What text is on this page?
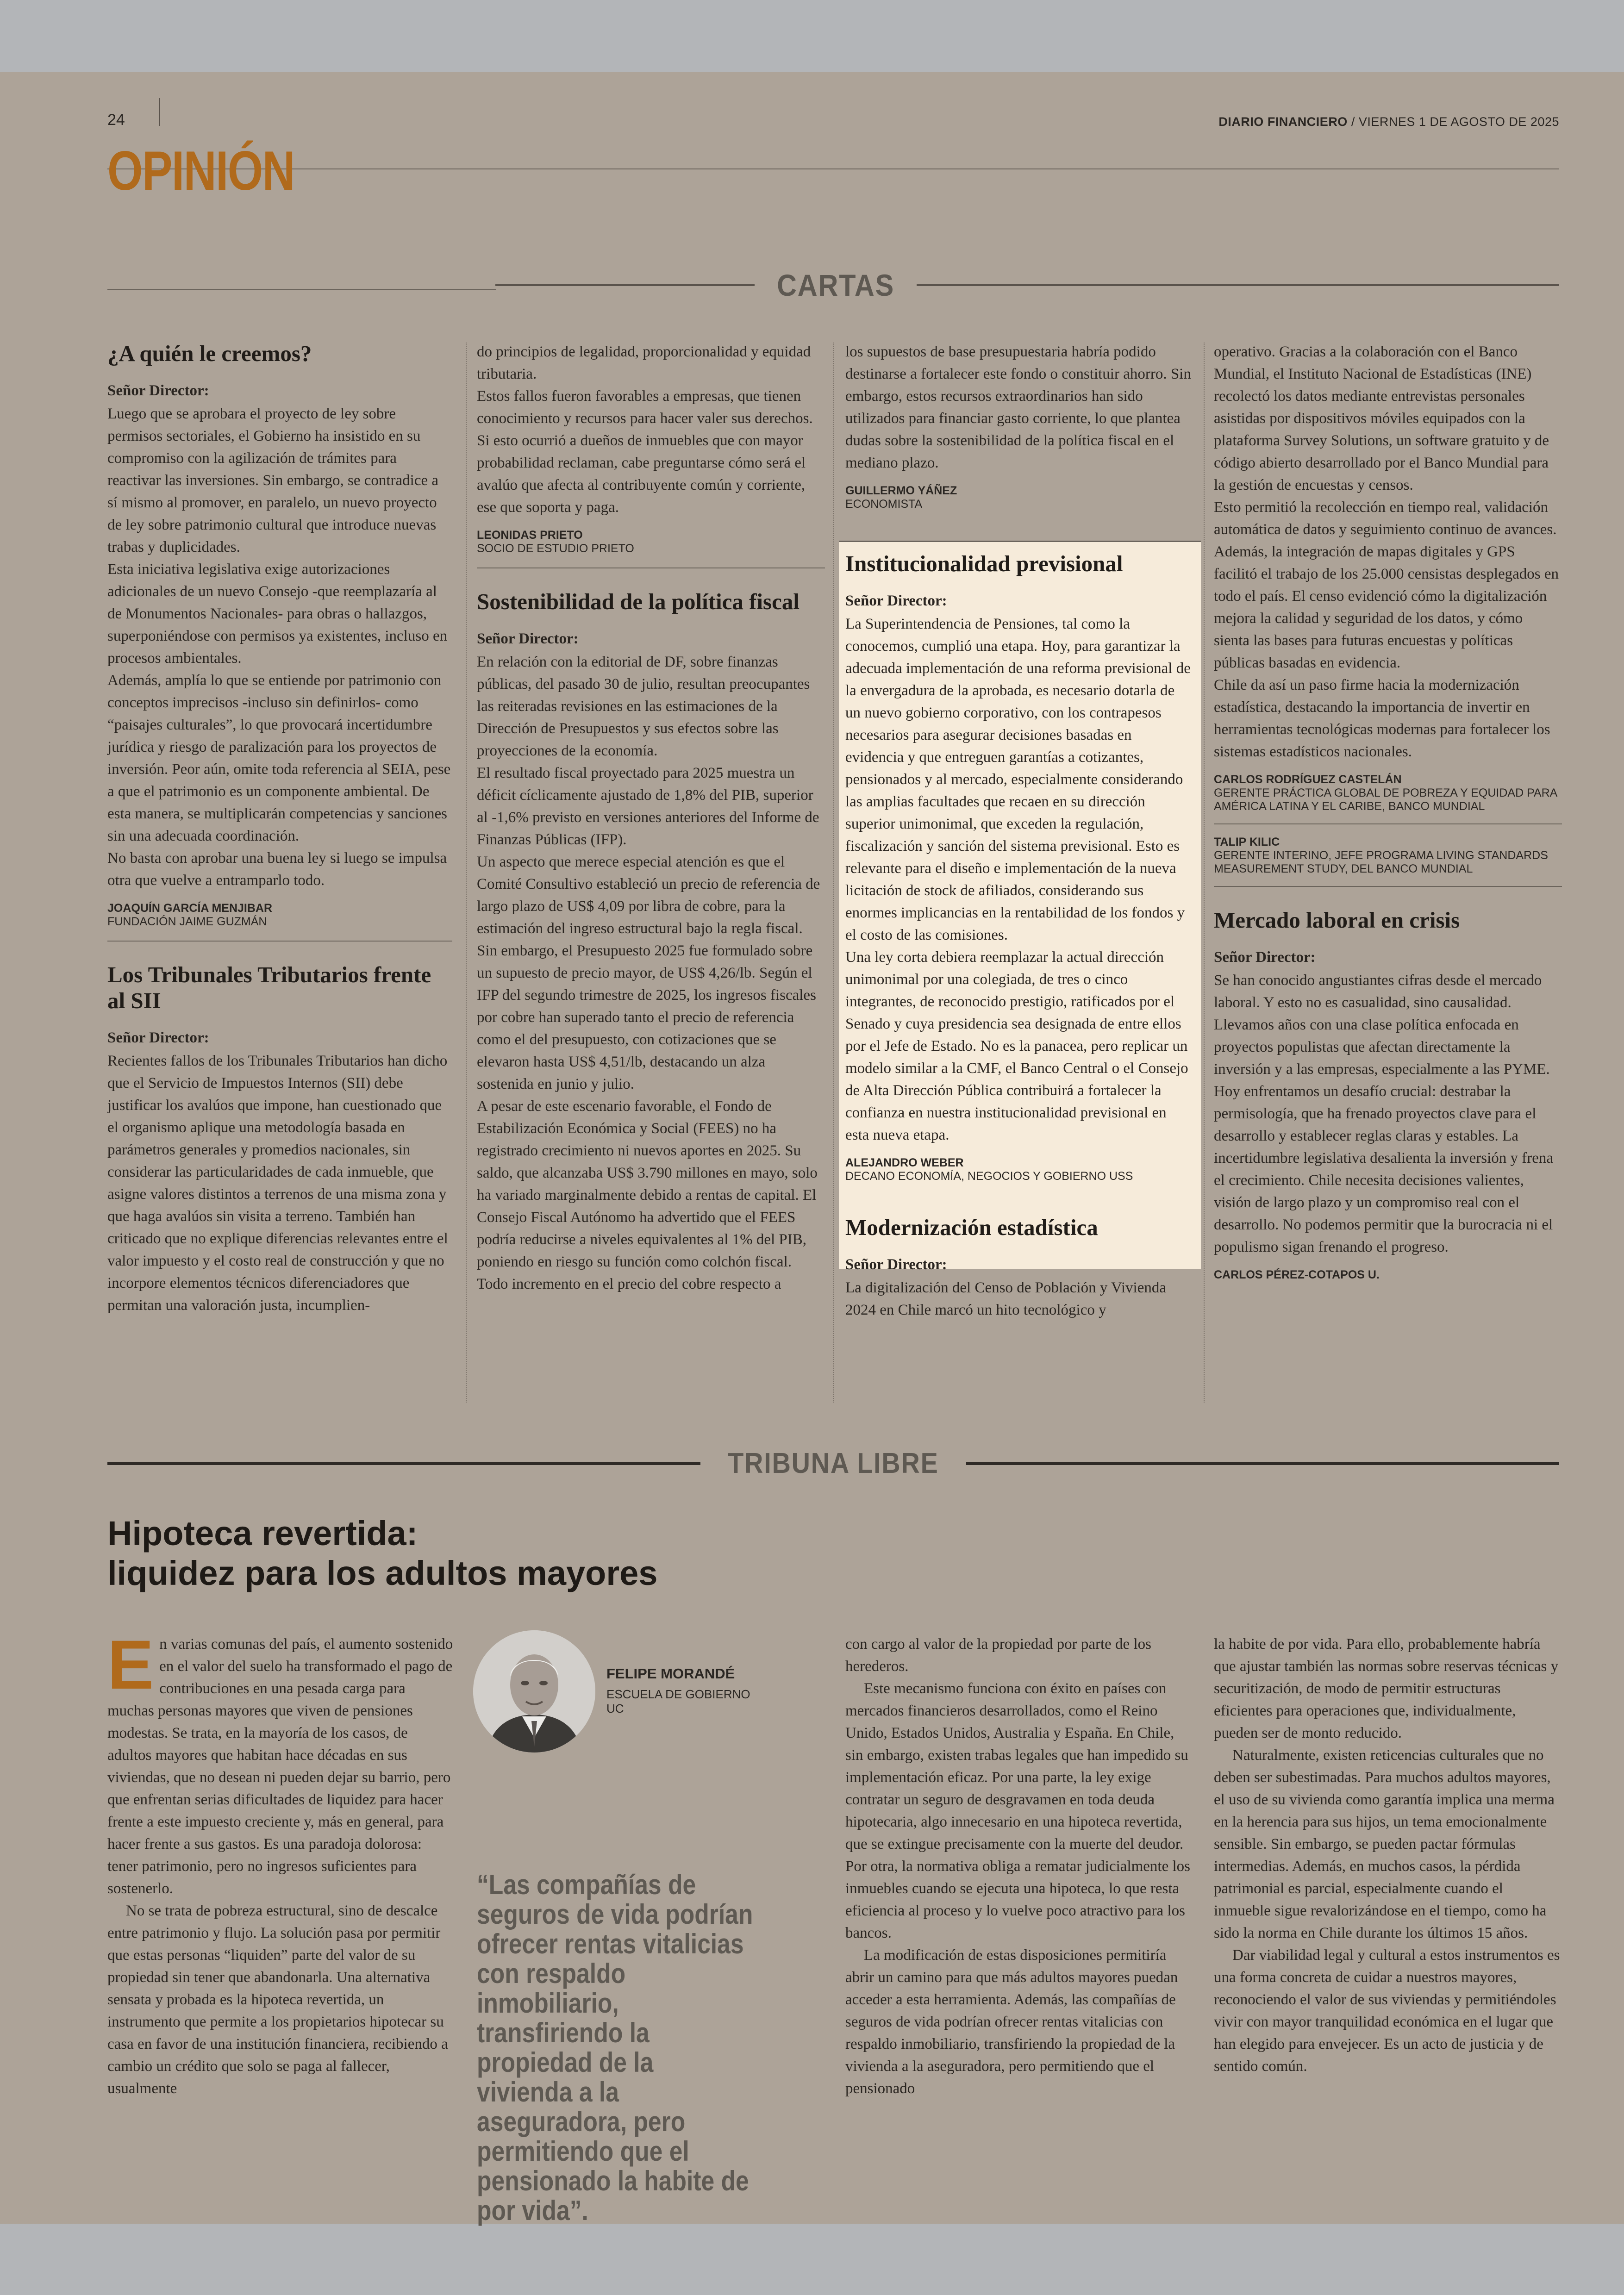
24	DIARIO FINANCIERO / VIERNES 1 DE AGOSTO DE 2025
OPINIÓN
CARTAS
¿A quién le creemos?

Señor Director:

Luego que se aprobara el proyecto de ley sobre permisos sectoriales, el Gobierno ha insistido en su compromiso con la agilización de trámites para reactivar las inversiones. Sin embargo, se contradice a sí mismo al promover, en paralelo, un nuevo proyecto de ley sobre patrimonio cultural que introduce nuevas trabas y duplicidades.

Esta iniciativa legislativa exige autorizaciones adicionales de un nuevo Consejo -que reemplazaría al de Monumentos Nacionales- para obras o hallazgos, superponiéndose con permisos ya existentes, incluso en procesos ambientales.

Además, amplía lo que se entiende por patrimonio con conceptos imprecisos -incluso sin definirlos- como “paisajes culturales”, lo que provocará incertidumbre jurídica y riesgo de paralización para los proyectos de inversión. Peor aún, omite toda referencia al SEIA, pese a que el patrimonio es un componente ambiental. De esta manera, se multiplicarán competencias y sanciones sin una adecuada coordinación.

No basta con aprobar una buena ley si luego se impulsa otra que vuelve a entramparlo todo.

JOAQUÍN GARCÍA MENJIBAR
FUNDACIÓN JAIME GUZMÁN
Los Tribunales Tributarios frente al SII

Señor Director:

Recientes fallos de los Tribunales Tributarios han dicho que el Servicio de Impuestos Internos (SII) debe justificar los avalúos que impone, han cuestionado que el organismo aplique una metodología basada en parámetros generales y promedios nacionales, sin considerar las particularidades de cada inmueble, que asigne valores distintos a terrenos de una misma zona y que haga avalúos sin visita a terreno. También han criticado que no explique diferencias relevantes entre el valor impuesto y el costo real de construcción y que no incorpore elementos técnicos diferenciadores que permitan una valoración justa, incumplien-

do principios de legalidad, proporcionalidad y equidad tributaria.

Estos fallos fueron favorables a empresas, que tienen conocimiento y recursos para hacer valer sus derechos. Si esto ocurrió a dueños de inmuebles que con mayor probabilidad reclaman, cabe preguntarse cómo será el avalúo que afecta al contribuyente común y corriente, ese que soporta y paga.

LEONIDAS PRIETO
SOCIO DE ESTUDIO PRIETO
Sostenibilidad de la política fiscal

Señor Director:

En relación con la editorial de DF, sobre finanzas públicas, del pasado 30 de julio, resultan preocupantes las reiteradas revisiones en las estimaciones de la Dirección de Presupuestos y sus efectos sobre las proyecciones de la economía.

El resultado fiscal proyectado para 2025 muestra un déficit cíclicamente ajustado de 1,8% del PIB, superior al -1,6% previsto en versiones anteriores del Informe de Finanzas Públicas (IFP).

Un aspecto que merece especial atención es que el Comité Consultivo estableció un precio de referencia de largo plazo de US$ 4,09 por libra de cobre, para la estimación del ingreso estructural bajo la regla fiscal. Sin embargo, el Presupuesto 2025 fue formulado sobre un supuesto de precio mayor, de US$ 4,26/lb. Según el IFP del segundo trimestre de 2025, los ingresos fiscales por cobre han superado tanto el precio de referencia como el del presupuesto, con cotizaciones que se elevaron hasta US$ 4,51/lb, destacando un alza sostenida en junio y julio.

A pesar de este escenario favorable, el Fondo de Estabilización Económica y Social (FEES) no ha registrado crecimiento ni nuevos aportes en 2025. Su saldo, que alcanzaba US$ 3.790 millones en mayo, solo ha variado marginalmente debido a rentas de capital. El Consejo Fiscal Autónomo ha advertido que el FEES podría reducirse a niveles equivalentes al 1% del PIB, poniendo en riesgo su función como colchón fiscal.

Todo incremento en el precio del cobre respecto a

los supuestos de base presupuestaria habría podido destinarse a fortalecer este fondo o constituir ahorro. Sin embargo, estos recursos extraordinarios han sido utilizados para financiar gasto corriente, lo que plantea dudas sobre la sostenibilidad de la política fiscal en el mediano plazo.

GUILLERMO YÁÑEZ
ECONOMISTA
Institucionalidad previsional

Señor Director:

La Superintendencia de Pensiones, tal como la conocemos, cumplió una etapa. Hoy, para garantizar la adecuada implementación de una reforma previsional de la envergadura de la aprobada, es necesario dotarla de un nuevo gobierno corporativo, con los contrapesos necesarios para asegurar decisiones basadas en evidencia y que entreguen garantías a cotizantes, pensionados y al mercado, especialmente considerando las amplias facultades que recaen en su dirección superior unimonimal, que exceden la regulación, fiscalización y sanción del sistema previsional. Esto es relevante para el diseño e implementación de la nueva licitación de stock de afiliados, considerando sus enormes implicancias en la rentabilidad de los fondos y el costo de las comisiones.

Una ley corta debiera reemplazar la actual dirección unimonimal por una colegiada, de tres o cinco integrantes, de reconocido prestigio, ratificados por el Senado y cuya presidencia sea designada de entre ellos por el Jefe de Estado. No es la panacea, pero replicar un modelo similar a la CMF, el Banco Central o el Consejo de Alta Dirección Pública contribuirá a fortalecer la confianza en nuestra institucionalidad previsional en esta nueva etapa.

ALEJANDRO WEBER
DECANO ECONOMÍA, NEGOCIOS Y GOBIERNO USS
Modernización estadística

Señor Director:

La digitalización del Censo de Población y Vivienda 2024 en Chile marcó un hito tecnológico y

operativo. Gracias a la colaboración con el Banco Mundial, el Instituto Nacional de Estadísticas (INE) recolectó los datos mediante entrevistas personales asistidas por dispositivos móviles equipados con la plataforma Survey Solutions, un software gratuito y de código abierto desarrollado por el Banco Mundial para la gestión de encuestas y censos.

Esto permitió la recolección en tiempo real, validación automática de datos y seguimiento continuo de avances. Además, la integración de mapas digitales y GPS facilitó el trabajo de los 25.000 censistas desplegados en todo el país. El censo evidenció cómo la digitalización mejora la calidad y seguridad de los datos, y cómo sienta las bases para futuras encuestas y políticas públicas basadas en evidencia.

Chile da así un paso firme hacia la modernización estadística, destacando la importancia de invertir en herramientas tecnológicas modernas para fortalecer los sistemas estadísticos nacionales.

CARLOS RODRÍGUEZ CASTELÁN
GERENTE PRÁCTICA GLOBAL DE POBREZA Y EQUIDAD PARA AMÉRICA LATINA Y EL CARIBE, BANCO MUNDIAL
TALIP KILIC
GERENTE INTERINO, JEFE PROGRAMA LIVING STANDARDS MEASUREMENT STUDY, DEL BANCO MUNDIAL
Mercado laboral en crisis

Señor Director:

Se han conocido angustiantes cifras desde el mercado laboral. Y esto no es casualidad, sino causalidad. Llevamos años con una clase política enfocada en proyectos populistas que afectan directamente la inversión y a las empresas, especialmente a las PYME. Hoy enfrentamos un desafío crucial: destrabar la permisología, que ha frenado proyectos clave para el desarrollo y establecer reglas claras y estables. La incertidumbre legislativa desalienta la inversión y frena el crecimiento. Chile necesita decisiones valientes, visión de largo plazo y un compromiso real con el desarrollo. No podemos permitir que la burocracia ni el populismo sigan frenando el progreso.

CARLOS PÉREZ-COTAPOS U.
TRIBUNA LIBRE
Hipoteca revertida:
liquidez para los adultos mayores
E n varias comunas del país, el aumento sostenido en el valor del suelo ha transformado el pago de contribuciones en una pesada carga para muchas personas mayores que viven de pensiones modestas. Se trata, en la mayoría de los casos, de adultos mayores que habitan hace décadas en sus viviendas, que no desean ni pueden dejar su barrio, pero que enfrentan serias dificultades de liquidez para hacer frente a este impuesto creciente y, más en general, para hacer frente a sus gastos. Es una paradoja dolorosa: tener patrimonio, pero no ingresos suficientes para sostenerlo.

No se trata de pobreza estructural, sino de descalce entre patrimonio y flujo. La solución pasa por permitir que estas personas “liquiden” parte del valor de su propiedad sin tener que abandonarla. Una alternativa sensata y probada es la hipoteca revertida, un instrumento que permite a los propietarios hipotecar su casa en favor de una institución financiera, recibiendo a cambio un crédito que solo se paga al fallecer, usualmente

FELIPE MORANDÉ
ESCUELA DE GOBIERNO UC
“Las compañías de seguros de vida podrían ofrecer rentas vitalicias con respaldo inmobiliario, transfiriendo la propiedad de la vivienda a la aseguradora, pero permitiendo que el pensionado la habite de por vida”.

con cargo al valor de la propiedad por parte de los herederos.

Este mecanismo funciona con éxito en países con mercados financieros desarrollados, como el Reino Unido, Estados Unidos, Australia y España. En Chile, sin embargo, existen trabas legales que han impedido su implementación eficaz. Por una parte, la ley exige contratar un seguro de desgravamen en toda deuda hipotecaria, algo innecesario en una hipoteca revertida, que se extingue precisamente con la muerte del deudor. Por otra, la normativa obliga a rematar judicialmente los inmuebles cuando se ejecuta una hipoteca, lo que resta eficiencia al proceso y lo vuelve poco atractivo para los bancos.

La modificación de estas disposiciones permitiría abrir un camino para que más adultos mayores puedan acceder a esta herramienta. Además, las compañías de seguros de vida podrían ofrecer rentas vitalicias con respaldo inmobiliario, transfiriendo la propiedad de la vivienda a la aseguradora, pero permitiendo que el pensionado

la habite de por vida. Para ello, probablemente habría que ajustar también las normas sobre reservas técnicas y securitización, de modo de permitir estructuras eficientes para operaciones que, individualmente, pueden ser de monto reducido.

Naturalmente, existen reticencias culturales que no deben ser subestimadas. Para muchos adultos mayores, el uso de su vivienda como garantía implica una merma en la herencia para sus hijos, un tema emocionalmente sensible. Sin embargo, se pueden pactar fórmulas intermedias. Además, en muchos casos, la pérdida patrimonial es parcial, especialmente cuando el inmueble sigue revalorizándose en el tiempo, como ha sido la norma en Chile durante los últimos 15 años.

Dar viabilidad legal y cultural a estos instrumentos es una forma concreta de cuidar a nuestros mayores, reconociendo el valor de sus viviendas y permitiéndoles vivir con mayor tranquilidad económica en el lugar que han elegido para envejecer. Es un acto de justicia y de sentido común.
